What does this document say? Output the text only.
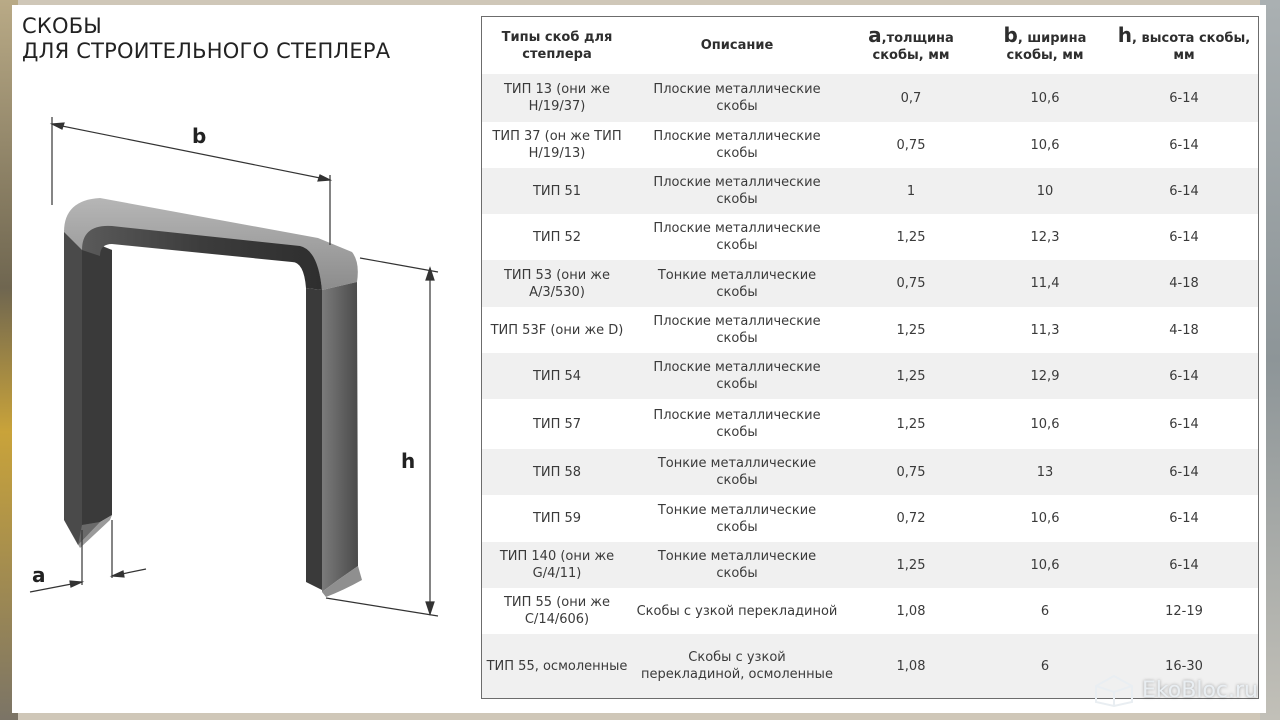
СКОБЫ
ДЛЯ СТРОИТЕЛЬНОГО СТЕПЛЕРА
b
h
a
Типы скоб для степлера	Описание	a,толщина скобы, мм	b, ширина скобы, мм	h, высота скобы, мм
ТИП 13 (они же H/19/37)	Плоские металлические скобы	0,7	10,6	6-14
ТИП 37 (он же ТИП H/19/13)	Плоские металлические скобы	0,75	10,6	6-14
ТИП 51	Плоские металлические скобы	1	10	6-14
ТИП 52	Плоские металлические скобы	1,25	12,3	6-14
ТИП 53 (они же A/3/530)	Тонкие металлические скобы	0,75	11,4	4-18
ТИП 53F (они же D)	Плоские металлические скобы	1,25	11,3	4-18
ТИП 54	Плоские металлические скобы	1,25	12,9	6-14
ТИП 57	Плоские металлические скобы	1,25	10,6	6-14
ТИП 58	Тонкие металлические скобы	0,75	13	6-14
ТИП 59	Тонкие металлические скобы	0,72	10,6	6-14
ТИП 140 (они же G/4/11)	Тонкие металлические скобы	1,25	10,6	6-14
ТИП 55 (они же C/14/606)	Скобы с узкой перекладиной	1,08	6	12-19
ТИП 55, осмоленные	Скобы с узкой перекладиной, осмоленные	1,08	6	16-30
EkoBloc.ru
